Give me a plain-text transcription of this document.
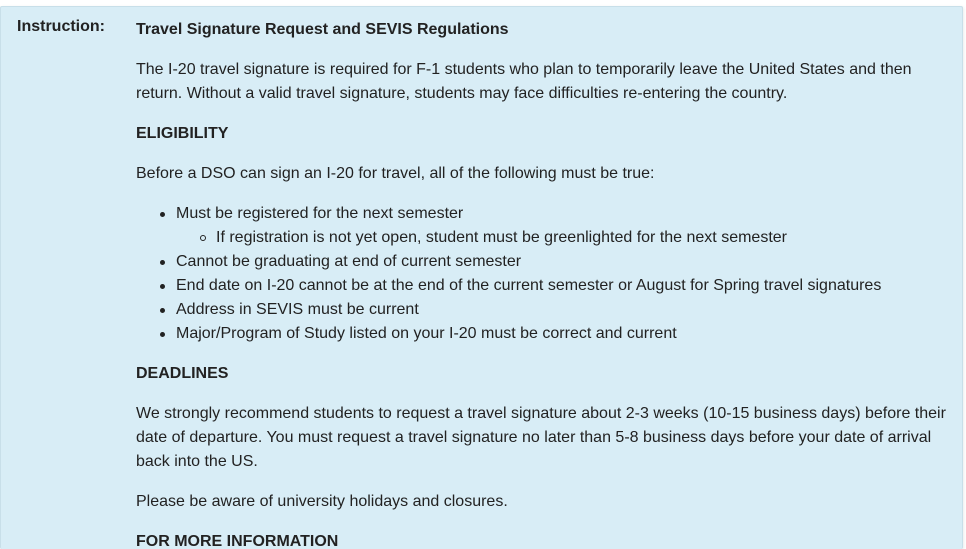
Instruction: Travel Signature Request and SEVIS Regulations

The I-20 travel signature is required for F-1 students who plan to temporarily leave the United States and then return. Without a valid travel signature, students may face difficulties re-entering the country.

ELIGIBILITY

Before a DSO can sign an I-20 for travel, all of the following must be true:

Must be registered for the next semester
If registration is not yet open, student must be greenlighted for the next semester
Cannot be graduating at end of current semester
End date on I-20 cannot be at the end of the current semester or August for Spring travel signatures
Address in SEVIS must be current
Major/Program of Study listed on your I-20 must be correct and current

DEADLINES

We strongly recommend students to request a travel signature about 2-3 weeks (10-15 business days) before their date of departure. You must request a travel signature no later than 5-8 business days before your date of arrival back into the US.

Please be aware of university holidays and closures.

FOR MORE INFORMATION
